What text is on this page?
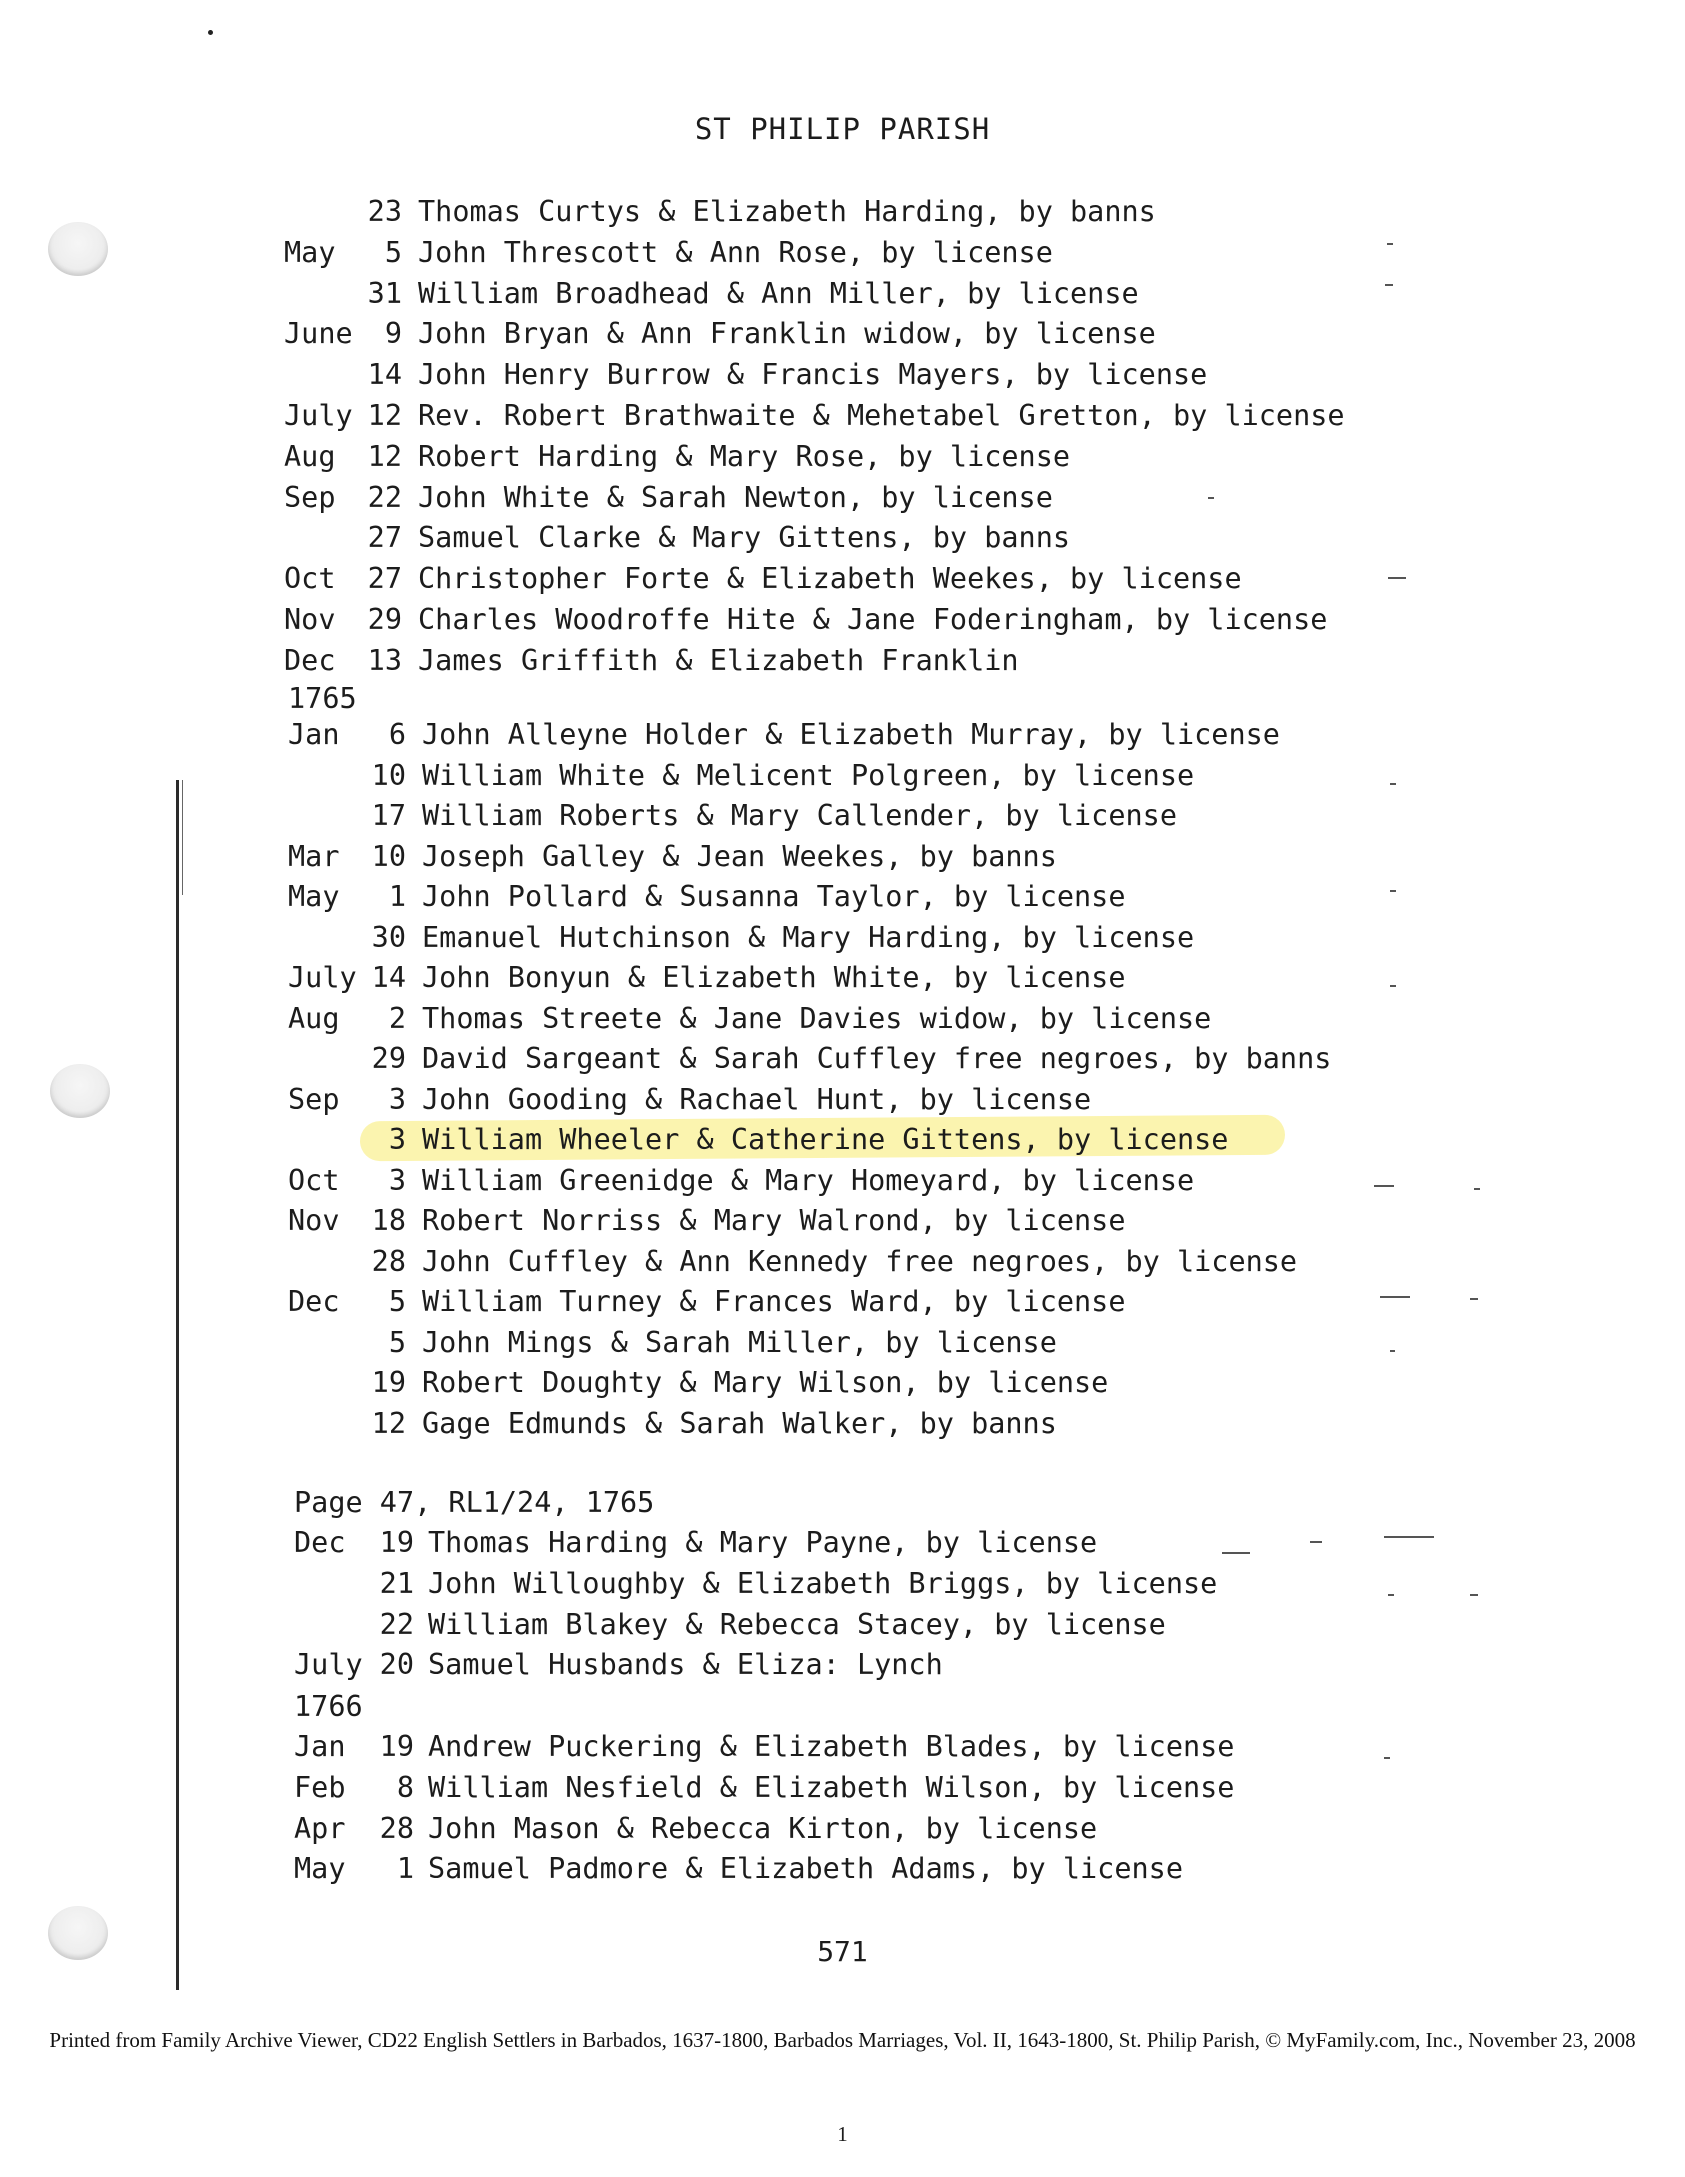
ST PHILIP PARISH
23 Thomas Curtys & Elizabeth Harding, by banns
May	5 John Threscott & Ann Rose, by license
31 William Broadhead & Ann Miller, by license
June	9 John Bryan & Ann Franklin widow, by license
14 John Henry Burrow & Francis Mayers, by license
July 12 Rev. Robert Brathwaite & Mehetabel Gretton, by license
Aug	12 Robert Harding & Mary Rose, by license
Sep	22 John White & Sarah Newton, by license
27 Samuel Clarke & Mary Gittens, by banns
Oct	27 Christopher Forte & Elizabeth Weekes, by license
Nov	29 Charles Woodroffe Hite & Jane Foderingham, by license
Dec	13 James Griffith & Elizabeth Franklin
Jan	6 John Alleyne Holder & Elizabeth Murray, by license
10 William White & Melicent Polgreen, by license
17 William Roberts & Mary Callender, by license
Mar	10 Joseph Galley & Jean Weekes, by banns
May	1 John Pollard & Susanna Taylor, by license
30 Emanuel Hutchinson & Mary Harding, by license
July 14 John Bonyun & Elizabeth White, by license
Aug	2 Thomas Streete & Jane Davies widow, by license
29 David Sargeant & Sarah Cuffley free negroes, by banns
Sep	3 John Gooding & Rachael Hunt, by license
3 William Wheeler & Catherine Gittens, by license
Oct	3 William Greenidge & Mary Homeyard, by license
Nov	18 Robert Norriss & Mary Walrond, by license
28 John Cuffley & Ann Kennedy free negroes, by license
Dec	5 William Turney & Frances Ward, by license
5 John Mings & Sarah Miller, by license
19 Robert Doughty & Mary Wilson, by license
12 Gage Edmunds & Sarah Walker, by banns
Dec	19 Thomas Harding & Mary Payne, by license
21 John Willoughby & Elizabeth Briggs, by license
22 William Blakey & Rebecca Stacey, by license
July 20 Samuel Husbands & Eliza: Lynch
Jan	19 Andrew Puckering & Elizabeth Blades, by license
Feb	8 William Nesfield & Elizabeth Wilson, by license
Apr	28 John Mason & Rebecca Kirton, by license
May	1 Samuel Padmore & Elizabeth Adams, by license
1765
Page 47, RL1/24, 1765
1766
571
Printed from Family Archive Viewer, CD22 English Settlers in Barbados, 1637-1800, Barbados Marriages, Vol. II, 1643-1800, St. Philip Parish, © MyFamily.com, Inc., November 23, 2008
1
